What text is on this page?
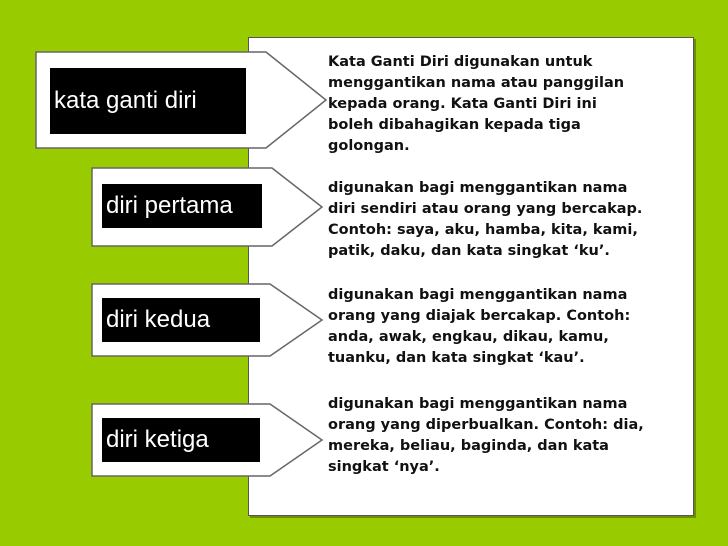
kata ganti diri
diri pertama
diri kedua
diri ketiga
Kata Ganti Diri digunakan untuk
menggantikan nama atau panggilan
kepada orang. Kata Ganti Diri ini
boleh dibahagikan kepada tiga
golongan.
digunakan bagi menggantikan nama
diri sendiri atau orang yang bercakap.
Contoh: saya, aku, hamba, kita, kami,
patik, daku, dan kata singkat ‘ku’.
digunakan bagi menggantikan nama
orang yang diajak bercakap. Contoh:
anda, awak, engkau, dikau, kamu,
tuanku, dan kata singkat ‘kau’.
digunakan bagi menggantikan nama
orang yang diperbualkan. Contoh: dia,
mereka, beliau, baginda, dan kata
singkat ‘nya’.
